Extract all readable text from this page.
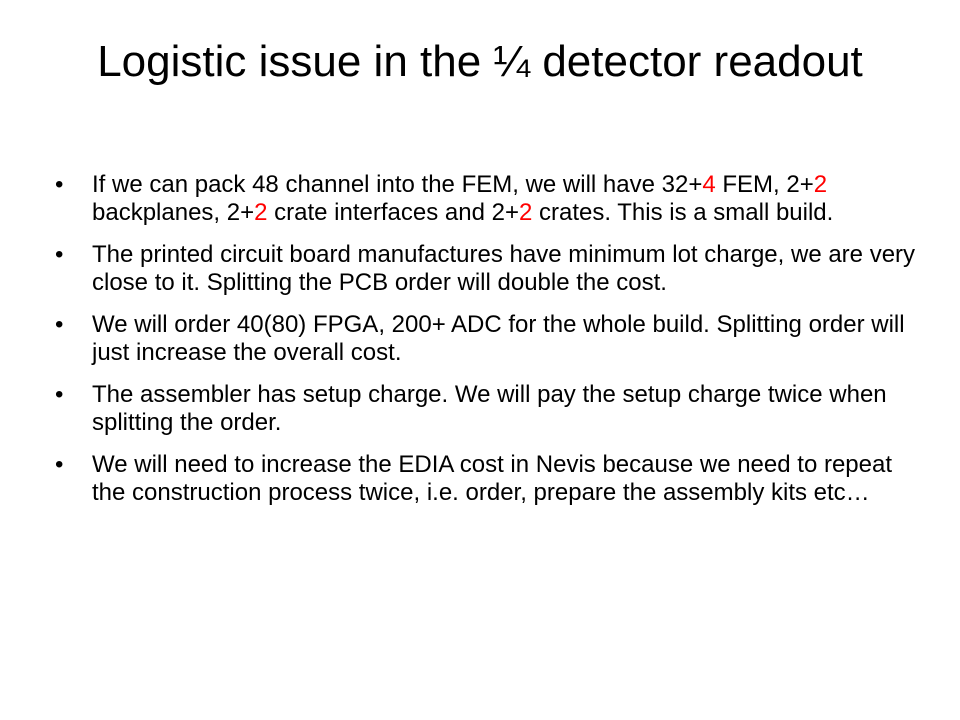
Logistic issue in the ¼ detector readout
• If we can pack 48 channel into the FEM, we will have 32+4 FEM, 2+2 backplanes, 2+2 crate interfaces and 2+2 crates. This is a small build.
• The printed circuit board manufactures have minimum lot charge, we are very close to it. Splitting the PCB order will double the cost.
• We will order 40(80) FPGA, 200+ ADC for the whole build. Splitting order will just increase the overall cost.
• The assembler has setup charge. We will pay the setup charge twice when splitting the order.
• We will need to increase the EDIA cost in Nevis because we need to repeat the construction process twice, i.e. order, prepare the assembly kits etc…
